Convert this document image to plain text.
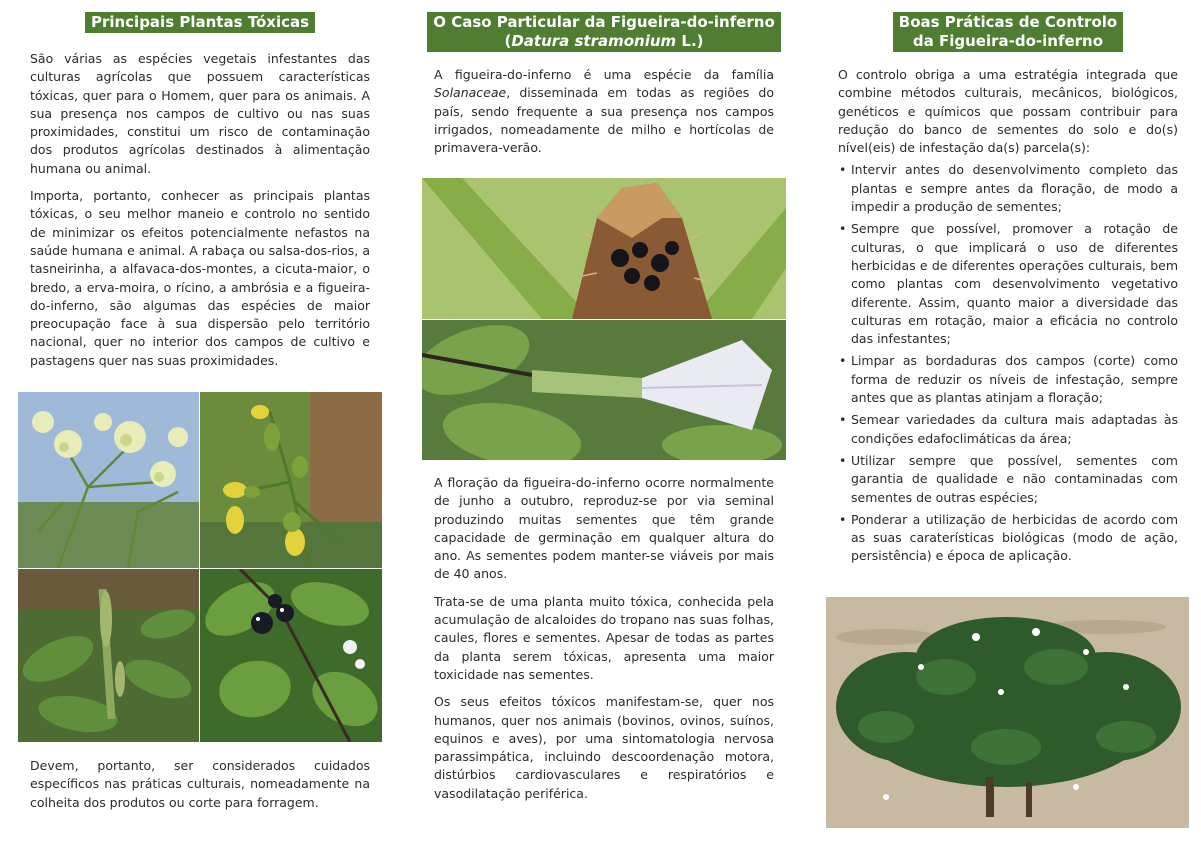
Principais Plantas Tóxicas

São várias as espécies vegetais infestantes das culturas agrícolas que possuem características tóxicas, quer para o Homem, quer para os animais. A sua presença nos campos de cultivo ou nas suas proximidades, constitui um risco de contaminação dos produtos agrícolas destinados à alimentação humana ou animal.

Importa, portanto, conhecer as principais plantas tóxicas, o seu melhor maneio e controlo no sentido de minimizar os efeitos potencialmente nefastos na saúde humana e animal. A rabaça ou salsa-dos-rios, a tasneirinha, a alfavaca-dos-montes, a cicuta-maior, o bredo, a erva-moira, o rícino, a ambrósia e a figueira-do-inferno, são algumas das espécies de maior preocupação face à sua dispersão pelo território nacional, quer no interior dos campos de cultivo e pastagens quer nas suas proximidades.

Devem, portanto, ser considerados cuidados específicos nas práticas culturais, nomeadamente na colheita dos produtos ou corte para forragem.

O Caso Particular da Figueira-do-inferno
(Datura stramonium L.)

A figueira-do-inferno é uma espécie da família Solanaceae, disseminada em todas as regiões do país, sendo frequente a sua presença nos campos irrigados, nomeadamente de milho e hortícolas de primavera-verão.

A floração da figueira-do-inferno ocorre normalmente de junho a outubro, reproduz-se por via seminal produzindo muitas sementes que têm grande capacidade de germinação em qualquer altura do ano. As sementes podem manter-se viáveis por mais de 40 anos.

Trata-se de uma planta muito tóxica, conhecida pela acumulação de alcaloides do tropano nas suas folhas, caules, flores e sementes. Apesar de todas as partes da planta serem tóxicas, apresenta uma maior toxicidade nas sementes.

Os seus efeitos tóxicos manifestam-se, quer nos humanos, quer nos animais (bovinos, ovinos, suínos, equinos e aves), por uma sintomatologia nervosa parassimpática, incluindo descoordenação motora, distúrbios cardiovasculares e respiratórios e vasodilatação periférica.

Boas Práticas de Controlo
da Figueira-do-inferno

O controlo obriga a uma estratégia integrada que combine métodos culturais, mecânicos, biológicos, genéticos e químicos que possam contribuir para redução do banco de sementes do solo e do(s) nível(eis) de infestação da(s) parcela(s):

• Intervir antes do desenvolvimento completo das plantas e sempre antes da floração, de modo a impedir a produção de sementes;
• Sempre que possível, promover a rotação de culturas, o que implicará o uso de diferentes herbicidas e de diferentes operações culturais, bem como plantas com desenvolvimento vegetativo diferente. Assim, quanto maior a diversidade das culturas em rotação, maior a eficácia no controlo das infestantes;
• Limpar as bordaduras dos campos (corte) como forma de reduzir os níveis de infestação, sempre antes que as plantas atinjam a floração;
• Semear variedades da cultura mais adaptadas às condições edafoclimáticas da área;
• Utilizar sempre que possível, sementes com garantia de qualidade e não contaminadas com sementes de outras espécies;
• Ponderar a utilização de herbicidas de acordo com as suas caraterísticas biológicas (modo de ação, persistência) e época de aplicação.
